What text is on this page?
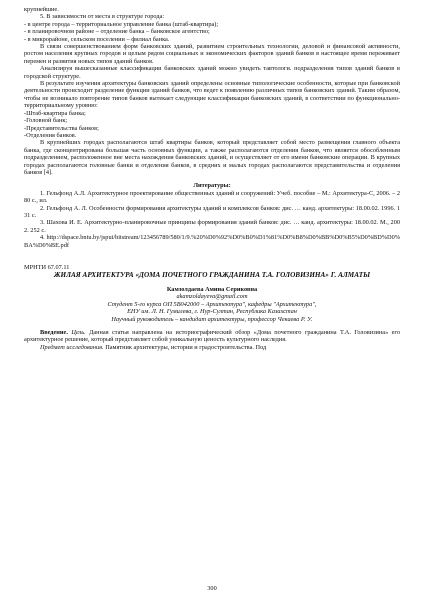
крупнейшие.

5. В зависимости от места в структуре города:

- в центре города – территориальное управление банка (штаб-квартира);

- в планировочном районе – отделение банка – банковское агентство;

- в микрорайоне, сельском поселении – филиал банка.

В связи совершенствованием форм банковских зданий, развитием строительных технологии, деловой и финансовой активности, ростом населения крупных городов и целым рядом социальных и экономических факторов зданий банков в настоящее время переживает перемен и развития новых типов зданий банков.

Анализируя вышесказанные классификации банковских зданий можно увидеть тавтологи. подразделения типов зданий банков в городской структуре.

В результате изучения архитектуры банковских зданий определены основные типологические особенности, которые при банковской деятельности происходит разделение функции зданий банков, что ведет к появлению различных типов банковских зданий. Таким образом, чтобы не возникало повторение типов банков вытекает следующие классификации банковских зданий, в соответствии по функционально-территориальному уровню:

-Штаб-квартира банка;

-Головной банк;

-Представительства банков;

-Отделения банков.

В крупнейших городах располагаются штаб квартиры банков, который представляет собой место размещения главного объекта банка, где сконцентрирована большая часть основных функции, а также располагаются отделения банков, что является обособленным подразделением, расположенное вне места нахождения банковских зданий, и осуществляет от его имени банковские операции. В крупных городах располагаются головные банки и отделения банков, в средних и малых городах располагаются представительства и отделения банков [4].

Литературы:

1. Гельфонд А.Л. Архитектурное проектирование общественных зданий и сооружений: Учеб. пособие – М.: Архитектура-С, 2006. – 280 с., ил.

2. Гельфонд А. Л. Особенности формирования архитектуры зданий и комплексов банков: дис. … канд. архитектуры: 18.00.02. 1996. 131 с.

3. Шахова И. Е. Архитектурно-планировочные принципы формирования зданий банков: дис. … канд. архитектуры: 18.00.02. М., 2002. 252 с.

4. http://dspace.bntu.by/jspui/bitstream/123456789/580/1/9.%20%D0%92%D0%B0%D1%81%D0%B8%D0%BB%D0%B5%D0%BD%D0%BA%D0%BE.pdf

МРНТИ 67.07.11

ЖИЛАЯ АРХИТЕКТУРА «ДОМА ПОЧЕТНОГО ГРАЖДАНИНА Т.А. ГОЛОВИЗИНА» Г. АЛМАТЫ

Камзолдаева Амина Сериковна

akamzoldayeva@gmail.com

Студент 5-го курса ОП 5В042000 – Архитектура", кафедры "Архитектура",

ЕНУ им. Л. Н. Гумилева, г. Нур-Султан, Республика Казахстан

Научный руководитель – кандидат архитектуры, профессор Чекаева Р. У.

Введение. Цель. Данная статья направлена на историографический обзор «Дома почетного гражданина Т.А. Головизина» его архитектурное решение, который представляет собой уникальную ценость культурного наследия.

Предмет исследования. Памятник архитектуры, истории и градостроительства. Под

300
